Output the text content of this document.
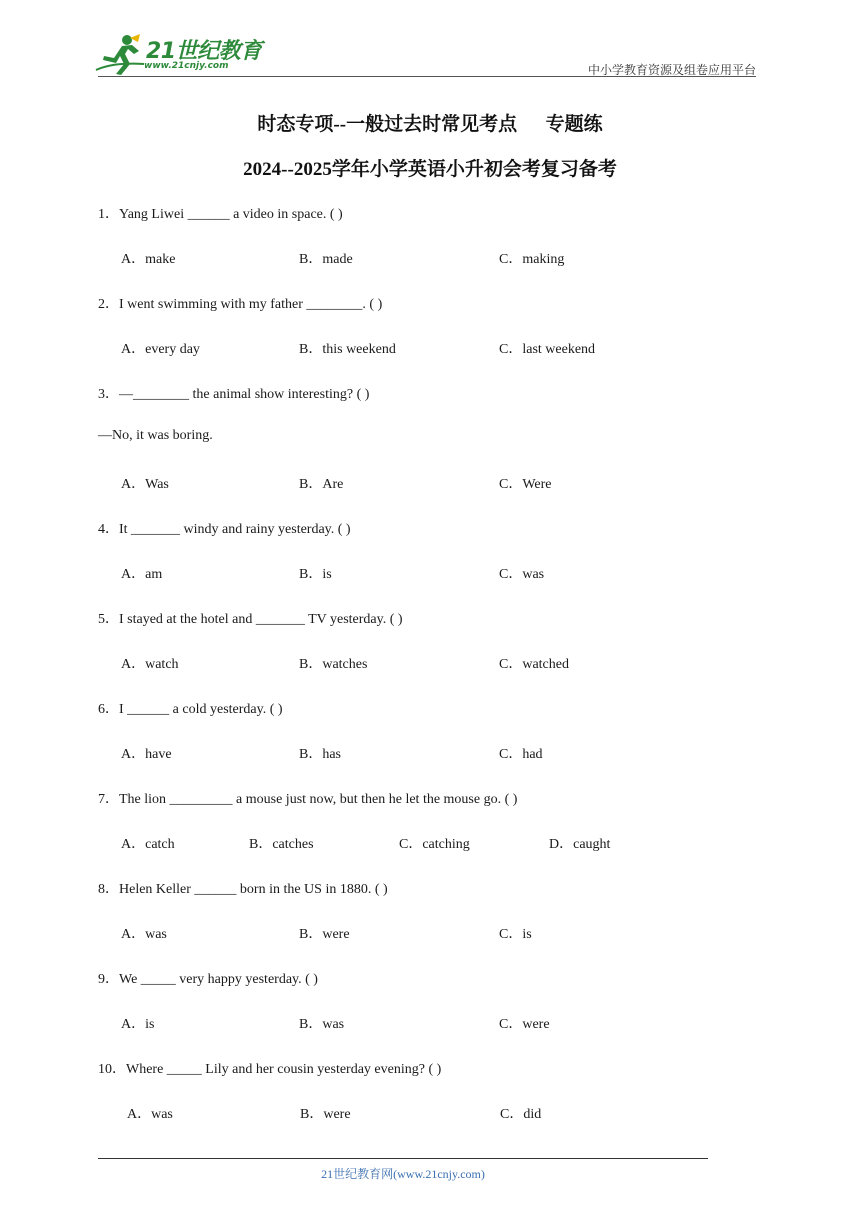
21世纪教育
www.21cnjy.com	中小学教育资源及组卷应用平台
时态专项--一般过去时常见考点      专题练
2024--2025学年小学英语小升初会考复习备考
1．Yang Liwei ______ a video in space. ( )
A．make	B．made	C．making
2．I went swimming with my father ________. ( )
A．every day	B．this weekend	C．last weekend
3．—________ the animal show interesting? ( )
—No, it was boring.
A．Was	B．Are	C．Were
4．It _______ windy and rainy yesterday. ( )
A．am	B．is	C．was
5．I stayed at the hotel and _______ TV yesterday. ( )
A．watch	B．watches	C．watched
6．I ______ a cold yesterday. ( )
A．have	B．has	C．had
7．The lion _________ a mouse just now, but then he let the mouse go. ( )
A．catch	B．catches	C．catching	D．caught
8．Helen Keller ______ born in the US in 1880. ( )
A．was	B．were	C．is
9．We _____ very happy yesterday. ( )
A．is	B．was	C．were
10．Where _____ Lily and her cousin yesterday evening? ( )
A．was	B．were	C．did
21世纪教育网(www.21cnjy.com)
